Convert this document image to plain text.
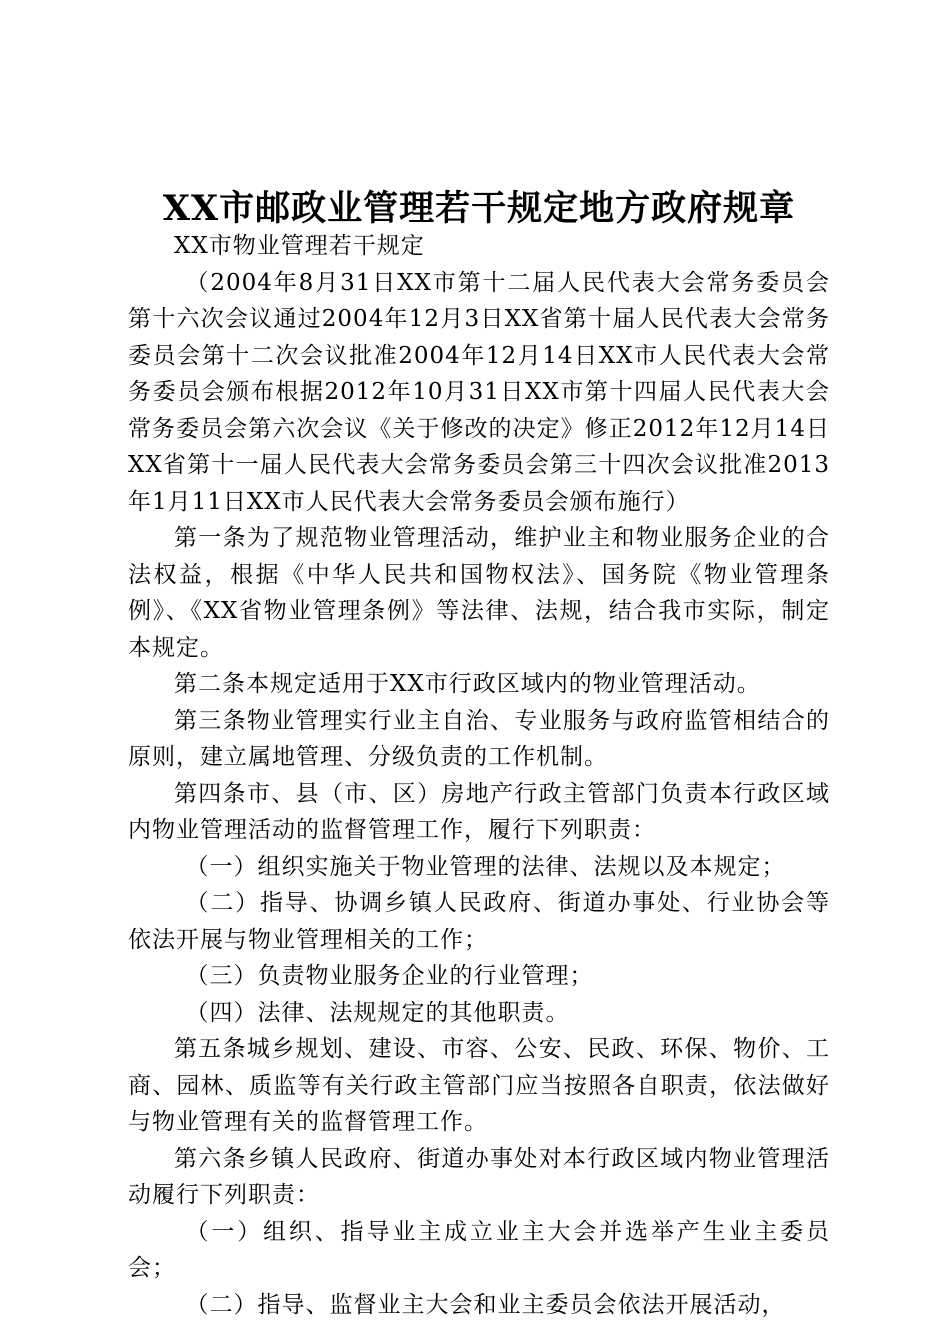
XX市邮政业管理若干规定地方政府规章

XX市物业管理若干规定

（2004年8月31日XX市第十二届人民代表大会常务委员会第十六次会议通过2004年12月3日XX省第十届人民代表大会常务委员会第十二次会议批准2004年12月14日XX市人民代表大会常务委员会颁布根据2012年10月31日XX市第十四届人民代表大会常务委员会第六次会议《关于修改的决定》修正2012年12月14日XX省第十一届人民代表大会常务委员会第三十四次会议批准2013年1月11日XX市人民代表大会常务委员会颁布施行）

第一条为了规范物业管理活动，维护业主和物业服务企业的合法权益，根据《中华人民共和国物权法》、国务院《物业管理条例》、《XX省物业管理条例》等法律、法规，结合我市实际，制定本规定。

第二条本规定适用于XX市行政区域内的物业管理活动。

第三条物业管理实行业主自治、专业服务与政府监管相结合的原则，建立属地管理、分级负责的工作机制。

第四条市、县（市、区）房地产行政主管部门负责本行政区域内物业管理活动的监督管理工作，履行下列职责：

（一）组织实施关于物业管理的法律、法规以及本规定；

（二）指导、协调乡镇人民政府、街道办事处、行业协会等依法开展与物业管理相关的工作；

（三）负责物业服务企业的行业管理；

（四）法律、法规规定的其他职责。

第五条城乡规划、建设、市容、公安、民政、环保、物价、工商、园林、质监等有关行政主管部门应当按照各自职责，依法做好与物业管理有关的监督管理工作。

第六条乡镇人民政府、街道办事处对本行政区域内物业管理活动履行下列职责：

（一）组织、指导业主成立业主大会并选举产生业主委员会；

（二）指导、监督业主大会和业主委员会依法开展活动，
